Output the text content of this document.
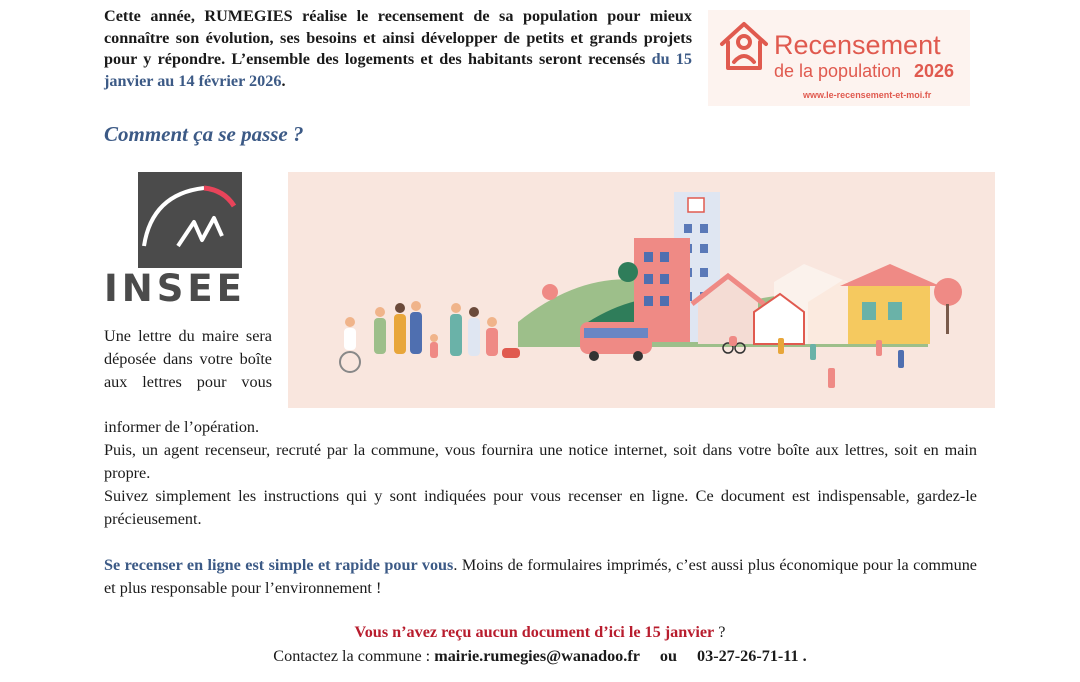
Cette année, RUMEGIES réalise le recensement de sa population pour mieux connaître son évolution, ses besoins et ainsi développer de petits et grands projets pour y répondre. L’ensemble des logements et des habitants seront recensés du 15 janvier au 14 février 2026.
Recensement
de la population 2026
www.le-recensement-et-moi.fr
Comment ça se passe ?
INSEE
Une lettre du maire sera déposée dans votre boîte aux lettres pour vous

informer de l’opération.

Puis, un agent recenseur, recruté par la commune, vous fournira une notice internet, soit dans votre boîte aux lettres, soit en main propre.

Suivez simplement les instructions qui y sont indiquées pour vous recenser en ligne. Ce document est indispensable, gardez-le précieusement.

Se recenser en ligne est simple et rapide pour vous. Moins de formulaires imprimés, c’est aussi plus économique pour la commune et plus responsable pour l’environnement !

Vous n’avez reçu aucun document d’ici le 15 janvier ?
Contactez la commune : mairie.rumegies@wanadoo.fr ou 03-27-26-71-11 .
